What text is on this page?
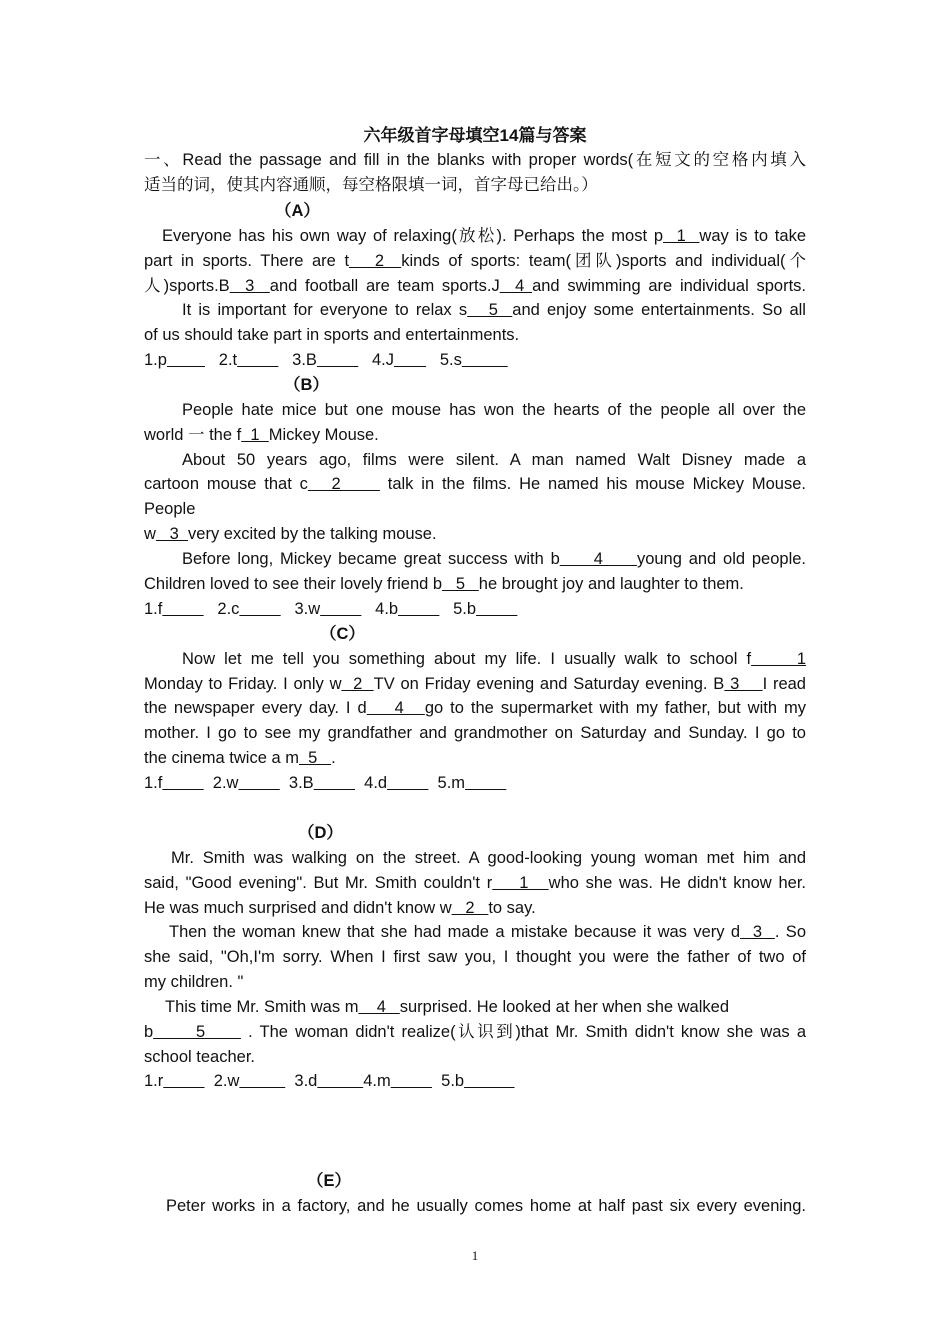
六年级首字母填空14篇与答案
一、Read the passage and fill in the blanks with proper words(在短文的空格内填入
适当的词，使其内容通顺，每空格限填一词，首字母已给出。）
（A）
Everyone has his own way of relaxing(放松). Perhaps the most p  1  way is to take
part in sports. There are t   2  kinds of sports: team(团队)sports and individual(个
人)sports.B  3  and football are team sports.J  4 and swimming are individual sports.
It is important for everyone to relax s   5  and enjoy some entertainments. So all
of us should take part in sports and entertainments.
1.p 	2.t	3.B	4.J	5.s
（B）
People hate mice but one mouse has won the hearts of the people all over the
world 一 the f  1  Mickey Mouse.
About 50 years ago, films were silent. A man named Walt Disney made a
cartoon mouse that c   2      talk in the films. He named his mouse Mickey Mouse.
People
w   3  very excited by the talking mouse.
Before long, Mickey became great success with b     4     young and old people.
Children loved to see their lovely friend b   5   he brought joy and laughter to them.
1.f	2.c	3.w	4.b	5.b
（C）
Now let me tell you something about my life. I usually walk to school f     1
Monday to Friday. I only w  2  TV on Friday evening and Saturday evening. B 3    I read
the newspaper every day. I d    4   go to the supermarket with my father, but with my
mother. I go to see my grandfather and grandmother on Saturday and Sunday. I go to
the cinema twice a m  5   .
1.f	2.w	3.B	4.d	5.m
（D）
Mr. Smith was walking on the street. A good-looking young woman met him and
said, "Good evening". But Mr. Smith couldn't r    1   who she was. He didn't know her.
He was much surprised and didn't know w   2   to say.
Then the woman knew that she had made a mistake because it was very d  3  . So
she said, "Oh,I'm sorry. When I first saw you, I thought you were the father of two of
my children. "
This time Mr. Smith was m    4   surprised. He looked at her when she walked
b      5      . The woman didn't realize(认识到)that Mr. Smith didn't know she was a
school teacher.
1.r	2.w	3.d	4.m	5.b
（E）
Peter works in a factory, and he usually comes home at half past six every evening.
1
